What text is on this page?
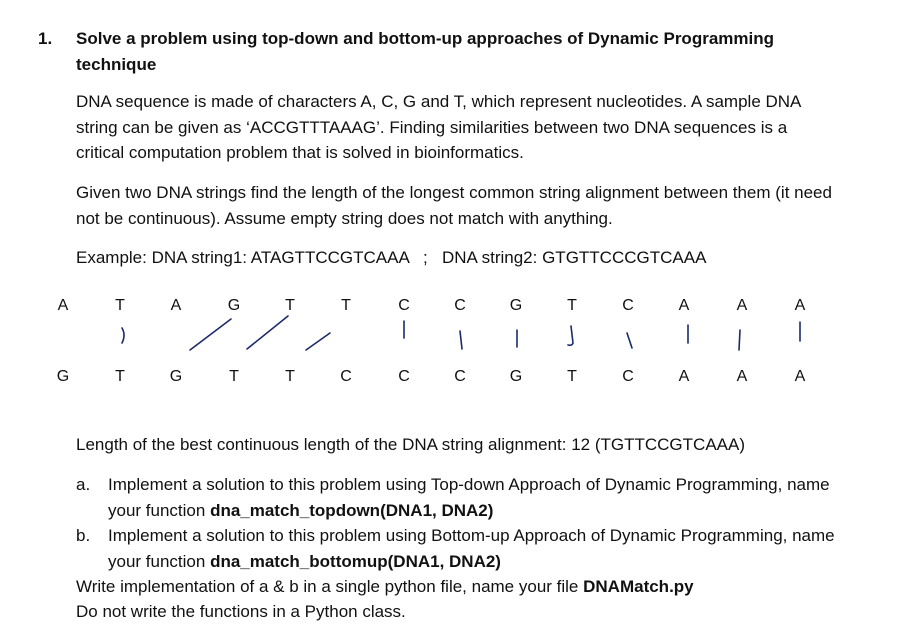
1. Solve a problem using top-down and bottom-up approaches of Dynamic Programming technique
DNA sequence is made of characters A, C, G and T, which represent nucleotides. A sample DNA string can be given as ‘ACCGTTTAAAG’. Finding similarities between two DNA sequences is a critical computation problem that is solved in bioinformatics.
Given two DNA strings find the length of the longest common string alignment between them (it need not be continuous). Assume empty string does not match with anything.
Example: DNA string1: ATAGTTCCGTCAAA ; DNA string2: GTGTTCCCGTCAAA
A	T	A	G	T	T	C	C	G	T	C	A	A	A
G	T	G	T	T	C	C	C	G	T	C	A	A	A
Length of the best continuous length of the DNA string alignment: 12 (TGTTCCGTCAAA)
a. Implement a solution to this problem using Top-down Approach of Dynamic Programming, name your function dna_match_topdown(DNA1, DNA2)
b. Implement a solution to this problem using Bottom-up Approach of Dynamic Programming, name your function dna_match_bottomup(DNA1, DNA2)
Write implementation of a & b in a single python file, name your file DNAMatch.py
Do not write the functions in a Python class.
